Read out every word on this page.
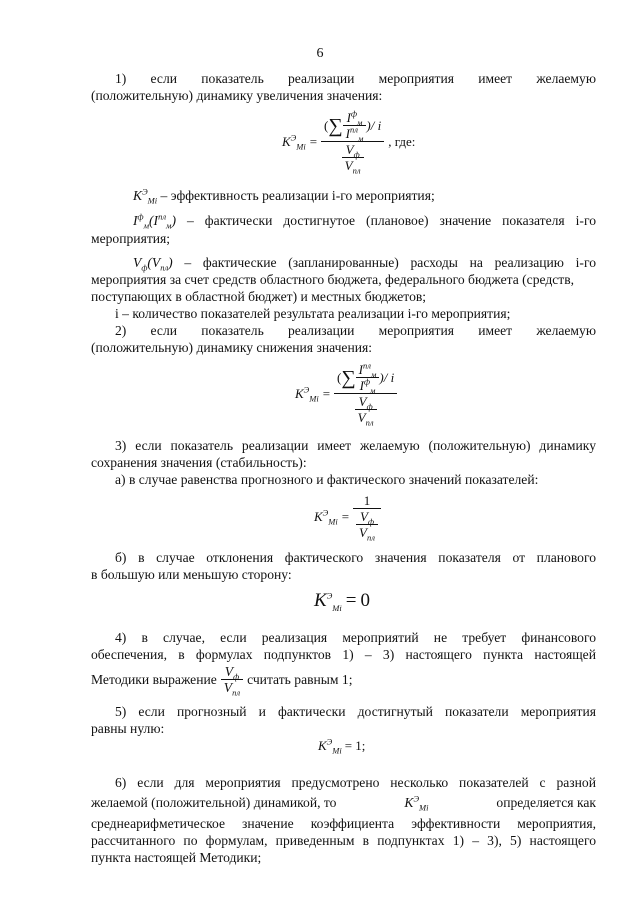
6
1) если показатель реализации мероприятия имеет желаемую
(положительную) динамику увеличения значения:
$K^Э_{Mi} = \frac{( \sum \frac{I^ф_м}{I^{пл}_м} )/ i}{\frac{V_ф}{V_{пл}}}$ , где:
$K^Э_{Mi}$ – эффективность реализации i-го мероприятия;
$I^ф_м(I^{пл}_м)$ – фактически достигнутое (плановое) значение показателя i-го
мероприятия;
$V_ф(V_{пл})$ – фактические (запланированные) расходы на реализацию i-го
мероприятия за счет средств областного бюджета, федерального бюджета (средств,
поступающих в областной бюджет) и местных бюджетов;
i – количество показателей результата реализации i-го мероприятия;
2) если показатель реализации мероприятия имеет желаемую
(положительную) динамику снижения значения:
$K^Э_{Mi} = \frac{( \sum \frac{I^{пл}_м}{I^ф_м} )/ i}{\frac{V_ф}{V_{пл}}}$
3) если показатель реализации имеет желаемую (положительную) динамику
сохранения значения (стабильность):
а) в случае равенства прогнозного и фактического значений показателей:
$K^Э_{Mi} = \frac{1}{\frac{V_ф}{V_{пл}}}$
б) в случае отклонения фактического значения показателя от планового
в большую или меньшую сторону:
$K^Э_{Mi} = 0$
4) в случае, если реализация мероприятий не требует финансового
обеспечения, в формулах подпунктов 1) – 3) настоящего пункта настоящей
Методики выражение $\frac{V_ф}{V_{пл}}$ считать равным 1;
5) если прогнозный и фактически достигнутый показатели мероприятия
равны нулю:
$K^Э_{Mi} = 1$;
6) если для мероприятия предусмотрено несколько показателей с разной
желаемой (положительной) динамикой, то	$K^Э_{Mi}$	определяется как
среднеарифметическое значение коэффициента эффективности мероприятия,
рассчитанного по формулам, приведенным в подпунктах 1) – 3), 5) настоящего
пункта настоящей Методики;
